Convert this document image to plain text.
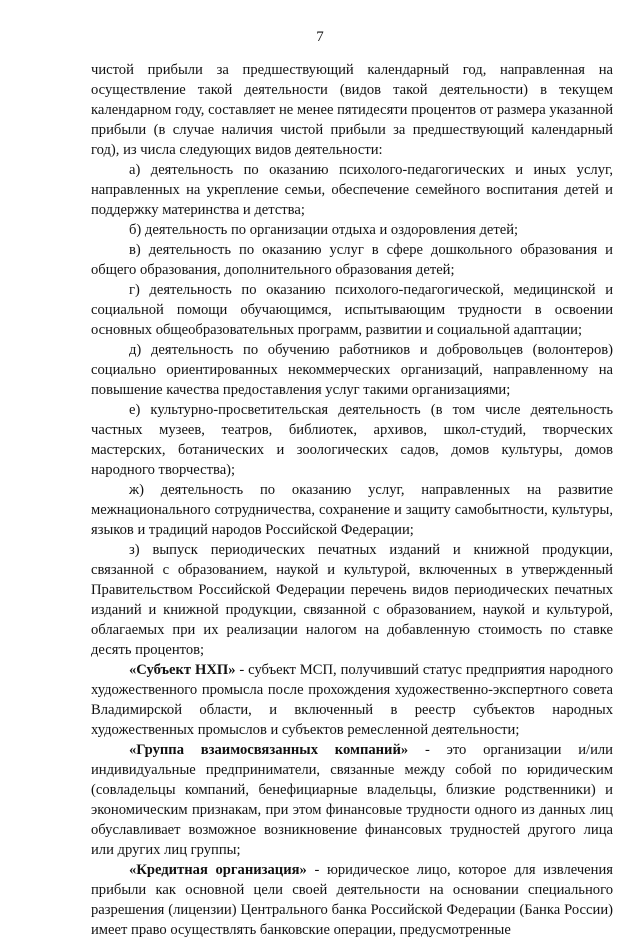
7

чистой прибыли за предшествующий календарный год, направленная на осуществление такой деятельности (видов такой деятельности) в текущем календарном году, составляет не менее пятидесяти процентов от размера указанной прибыли (в случае наличия чистой прибыли за предшествующий календарный год), из числа следующих видов деятельности:

а) деятельность по оказанию психолого-педагогических и иных услуг, направленных на укрепление семьи, обеспечение семейного воспитания детей и поддержку материнства и детства;

б) деятельность по организации отдыха и оздоровления детей;

в) деятельность по оказанию услуг в сфере дошкольного образования и общего образования, дополнительного образования детей;

г) деятельность по оказанию психолого-педагогической, медицинской и социальной помощи обучающимся, испытывающим трудности в освоении основных общеобразовательных программ, развитии и социальной адаптации;

д) деятельность по обучению работников и добровольцев (волонтеров) социально ориентированных некоммерческих организаций, направленному на повышение качества предоставления услуг такими организациями;

е) культурно-просветительская деятельность (в том числе деятельность частных музеев, театров, библиотек, архивов, школ-студий, творческих мастерских, ботанических и зоологических садов, домов культуры, домов народного творчества);

ж) деятельность по оказанию услуг, направленных на развитие межнационального сотрудничества, сохранение и защиту самобытности, культуры, языков и традиций народов Российской Федерации;

з) выпуск периодических печатных изданий и книжной продукции, связанной с образованием, наукой и культурой, включенных в утвержденный Правительством Российской Федерации перечень видов периодических печатных изданий и книжной продукции, связанной с образованием, наукой и культурой, облагаемых при их реализации налогом на добавленную стоимость по ставке десять процентов;

«Субъект НХП» - субъект МСП, получивший статус предприятия народного художественного промысла после прохождения художественно-экспертного совета Владимирской области, и включенный в реестр субъектов народных художественных промыслов и субъектов ремесленной деятельности;

«Группа взаимосвязанных компаний» - это организации и/или индивидуальные предприниматели, связанные между собой по юридическим (совладельцы компаний, бенефициарные владельцы, близкие родственники) и экономическим признакам, при этом финансовые трудности одного из данных лиц обуславливает возможное возникновение финансовых трудностей другого лица или других лиц группы;

«Кредитная организация» - юридическое лицо, которое для извлечения прибыли как основной цели своей деятельности на основании специального разрешения (лицензии) Центрального банка Российской Федерации (Банка России) имеет право осуществлять банковские операции, предусмотренные
